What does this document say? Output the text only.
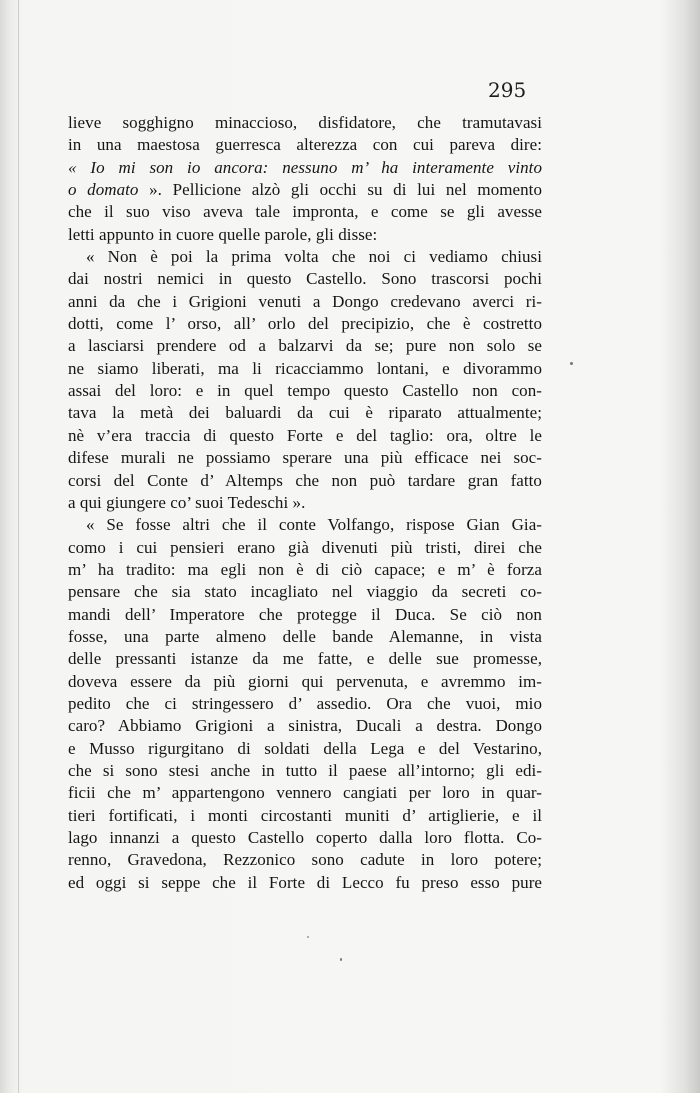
295
lieve sogghigno minaccioso, disfidatore, che tramutavasi
in una maestosa guerresca alterezza con cui pareva dire:
« Io mi son io ancora: nessuno m’ ha interamente vinto
o domato ». Pellicione alzò gli occhi su di lui nel momento
che il suo viso aveva tale impronta, e come se gli avesse
letti appunto in cuore quelle parole, gli disse:
« Non è poi la prima volta che noi ci vediamo chiusi
dai nostri nemici in questo Castello. Sono trascorsi pochi
anni da che i Grigioni venuti a Dongo credevano averci ri-
dotti, come l’ orso, all’ orlo del precipizio, che è costretto
a lasciarsi prendere od a balzarvi da se; pure non solo se
ne siamo liberati, ma li ricacciammo lontani, e divorammo
assai del loro: e in quel tempo questo Castello non con-
tava la metà dei baluardi da cui è riparato attualmente;
nè v’era traccia di questo Forte e del taglio: ora, oltre le
difese murali ne possiamo sperare una più efficace nei soc-
corsi del Conte d’ Altemps che non può tardare gran fatto
a qui giungere co’ suoi Tedeschi ».
« Se fosse altri che il conte Volfango, rispose Gian Gia-
como i cui pensieri erano già divenuti più tristi, direi che
m’ ha tradito: ma egli non è di ciò capace; e m’ è forza
pensare che sia stato incagliato nel viaggio da secreti co-
mandi dell’ Imperatore che protegge il Duca. Se ciò non
fosse, una parte almeno delle bande Alemanne, in vista
delle pressanti istanze da me fatte, e delle sue promesse,
doveva essere da più giorni qui pervenuta, e avremmo im-
pedito che ci stringessero d’ assedio. Ora che vuoi, mio
caro? Abbiamo Grigioni a sinistra, Ducali a destra. Dongo
e Musso rigurgitano di soldati della Lega e del Vestarino,
che si sono stesi anche in tutto il paese all’intorno; gli edi-
ficii che m’ appartengono vennero cangiati per loro in quar-
tieri fortificati, i monti circostanti muniti d’ artiglierie, e il
lago innanzi a questo Castello coperto dalla loro flotta. Co-
renno, Gravedona, Rezzonico sono cadute in loro potere;
ed oggi si seppe che il Forte di Lecco fu preso esso pure
